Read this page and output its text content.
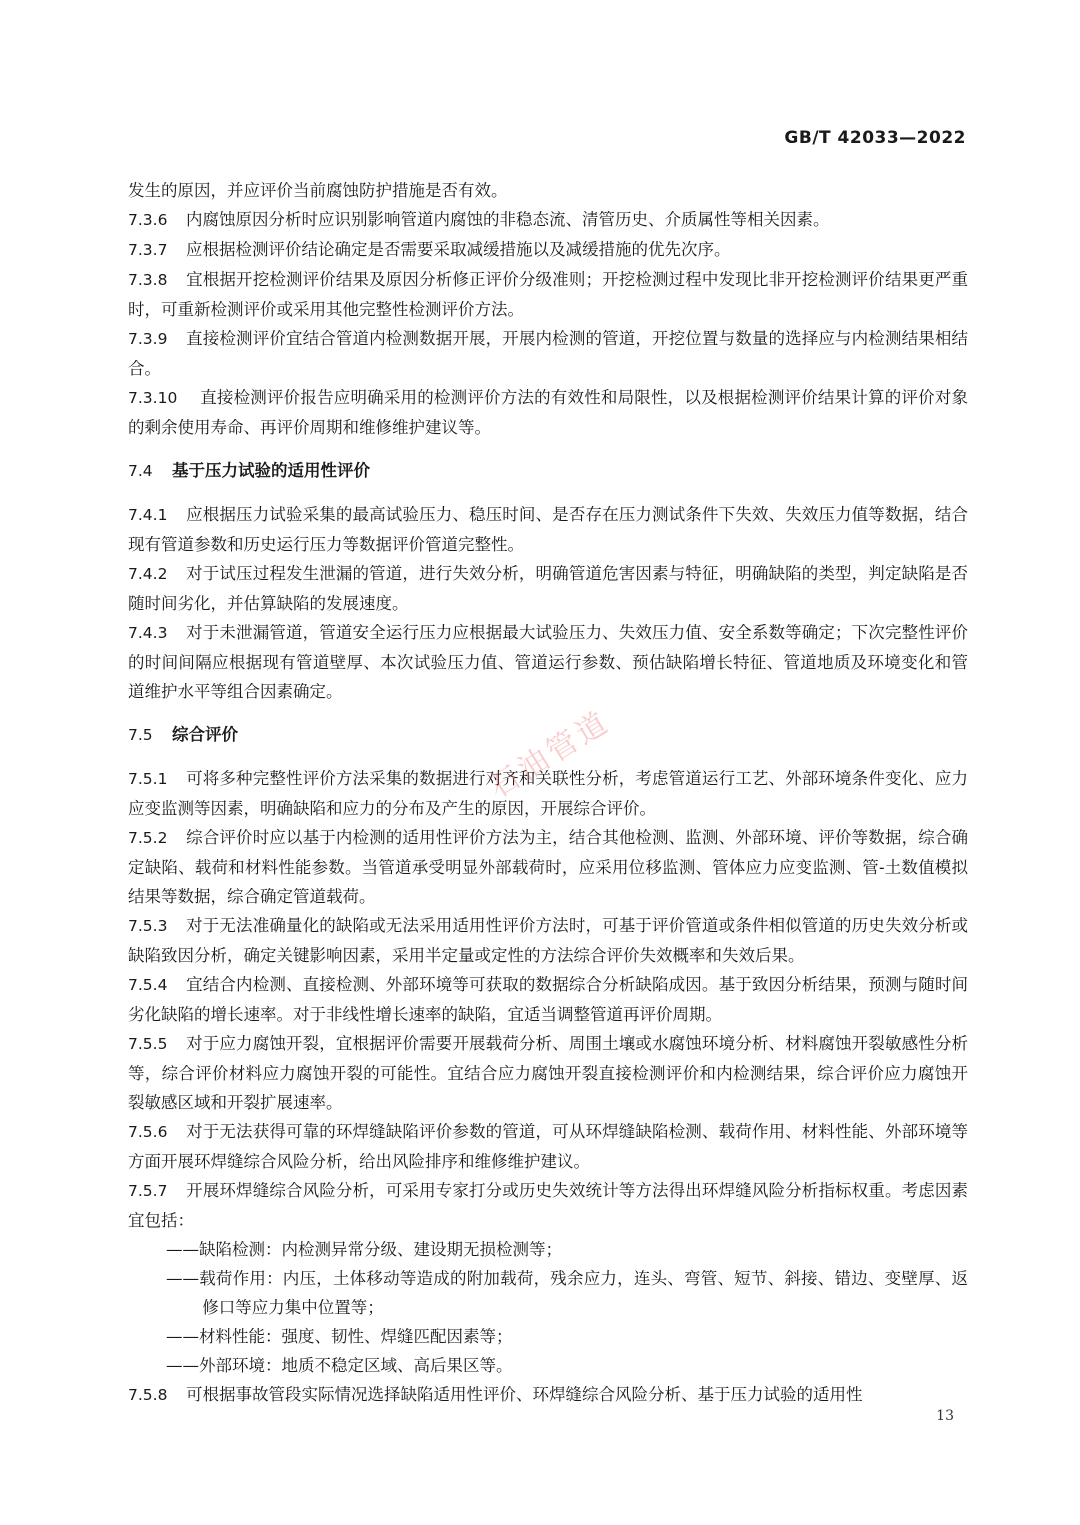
GB/T 42033—2022

发生的原因，并应评价当前腐蚀防护措施是否有效。

7.3.6 内腐蚀原因分析时应识别影响管道内腐蚀的非稳态流、清管历史、介质属性等相关因素。

7.3.7 应根据检测评价结论确定是否需要采取减缓措施以及减缓措施的优先次序。

7.3.8 宜根据开挖检测评价结果及原因分析修正评价分级准则；开挖检测过程中发现比非开挖检测评价结果更严重时，可重新检测评价或采用其他完整性检测评价方法。

7.3.9 直接检测评价宜结合管道内检测数据开展，开展内检测的管道，开挖位置与数量的选择应与内检测结果相结合。

7.3.10 直接检测评价报告应明确采用的检测评价方法的有效性和局限性，以及根据检测评价结果计算的评价对象的剩余使用寿命、再评价周期和维修维护建议等。

7.4 基于压力试验的适用性评价

7.4.1 应根据压力试验采集的最高试验压力、稳压时间、是否存在压力测试条件下失效、失效压力值等数据，结合现有管道参数和历史运行压力等数据评价管道完整性。

7.4.2 对于试压过程发生泄漏的管道，进行失效分析，明确管道危害因素与特征，明确缺陷的类型，判定缺陷是否随时间劣化，并估算缺陷的发展速度。

7.4.3 对于未泄漏管道，管道安全运行压力应根据最大试验压力、失效压力值、安全系数等确定；下次完整性评价的时间间隔应根据现有管道壁厚、本次试验压力值、管道运行参数、预估缺陷增长特征、管道地质及环境变化和管道维护水平等组合因素确定。

7.5 综合评价

7.5.1 可将多种完整性评价方法采集的数据进行对齐和关联性分析，考虑管道运行工艺、外部环境条件变化、应力应变监测等因素，明确缺陷和应力的分布及产生的原因，开展综合评价。

7.5.2 综合评价时应以基于内检测的适用性评价方法为主，结合其他检测、监测、外部环境、评价等数据，综合确定缺陷、载荷和材料性能参数。当管道承受明显外部载荷时，应采用位移监测、管体应力应变监测、管-土数值模拟结果等数据，综合确定管道载荷。

7.5.3 对于无法准确量化的缺陷或无法采用适用性评价方法时，可基于评价管道或条件相似管道的历史失效分析或缺陷致因分析，确定关键影响因素，采用半定量或定性的方法综合评价失效概率和失效后果。

7.5.4 宜结合内检测、直接检测、外部环境等可获取的数据综合分析缺陷成因。基于致因分析结果，预测与随时间劣化缺陷的增长速率。对于非线性增长速率的缺陷，宜适当调整管道再评价周期。

7.5.5 对于应力腐蚀开裂，宜根据评价需要开展载荷分析、周围土壤或水腐蚀环境分析、材料腐蚀开裂敏感性分析等，综合评价材料应力腐蚀开裂的可能性。宜结合应力腐蚀开裂直接检测评价和内检测结果，综合评价应力腐蚀开裂敏感区域和开裂扩展速率。

7.5.6 对于无法获得可靠的环焊缝缺陷评价参数的管道，可从环焊缝缺陷检测、载荷作用、材料性能、外部环境等方面开展环焊缝综合风险分析，给出风险排序和维修维护建议。

7.5.7 开展环焊缝综合风险分析，可采用专家打分或历史失效统计等方法得出环焊缝风险分析指标权重。考虑因素宜包括：

——缺陷检测：内检测异常分级、建设期无损检测等；

——载荷作用：内压，土体移动等造成的附加载荷，残余应力，连头、弯管、短节、斜接、错边、变壁厚、返修口等应力集中位置等；

——材料性能：强度、韧性、焊缝匹配因素等；

——外部环境：地质不稳定区域、高后果区等。

7.5.8 可根据事故管段实际情况选择缺陷适用性评价、环焊缝综合风险分析、基于压力试验的适用性

石油管道
13
